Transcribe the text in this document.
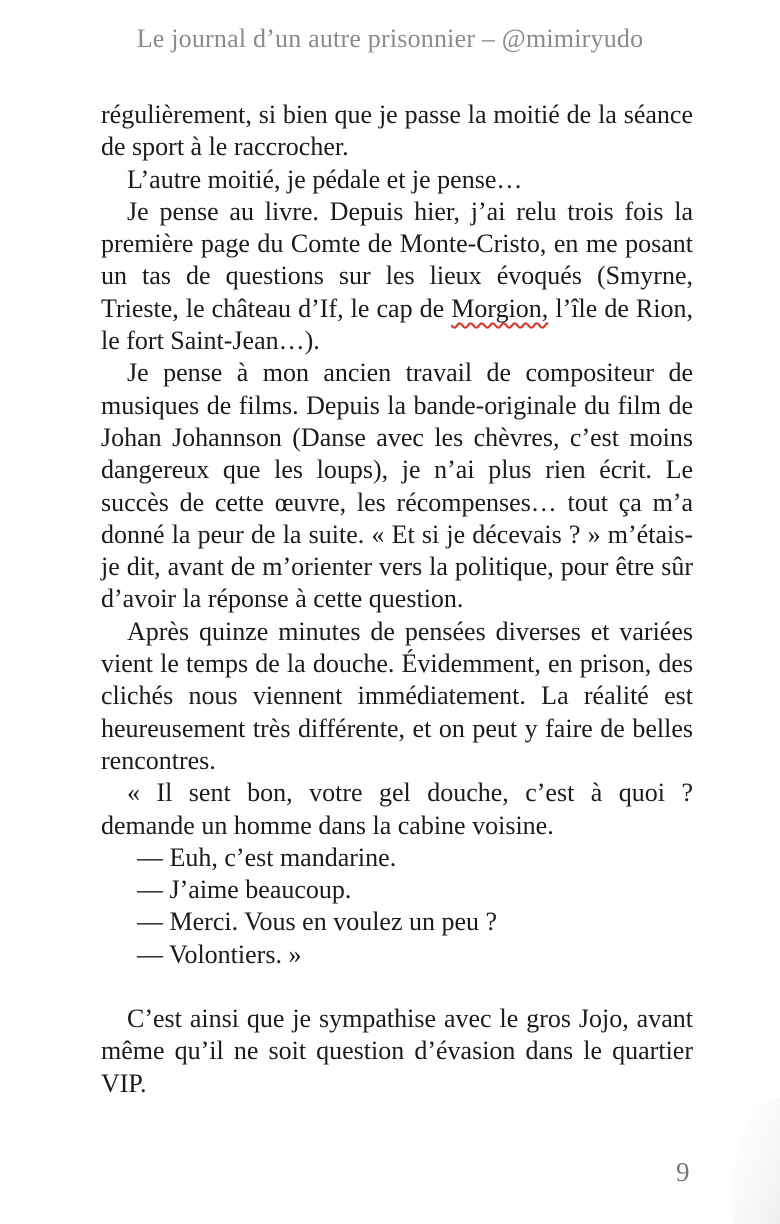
Le journal d’un autre prisonnier – @mimiryudo

régulièrement, si bien que je passe la moitié de la séance de sport à le raccrocher.

L’autre moitié, je pédale et je pense…

Je pense au livre. Depuis hier, j’ai relu trois fois la première page du Comte de Monte-Cristo, en me posant un tas de questions sur les lieux évoqués (Smyrne, Trieste, le château d’If, le cap de Morgion, l’île de Rion, le fort Saint-Jean…).

Je pense à mon ancien travail de compositeur de musiques de films. Depuis la bande-originale du film de Johan Johannson (Danse avec les chèvres, c’est moins dangereux que les loups), je n’ai plus rien écrit. Le succès de cette œuvre, les récompenses… tout ça m’a donné la peur de la suite. « Et si je décevais ? » m’étais-je dit, avant de m’orienter vers la politique, pour être sûr d’avoir la réponse à cette question.

Après quinze minutes de pensées diverses et variées vient le temps de la douche. Évidemment, en prison, des clichés nous viennent immédiatement. La réalité est heureusement très différente, et on peut y faire de belles rencontres.

« Il sent bon, votre gel douche, c’est à quoi ? demande un homme dans la cabine voisine.

— Euh, c’est mandarine.

— J’aime beaucoup.

— Merci. Vous en voulez un peu ?

— Volontiers. »

C’est ainsi que je sympathise avec le gros Jojo, avant même qu’il ne soit question d’évasion dans le quartier VIP.

9
